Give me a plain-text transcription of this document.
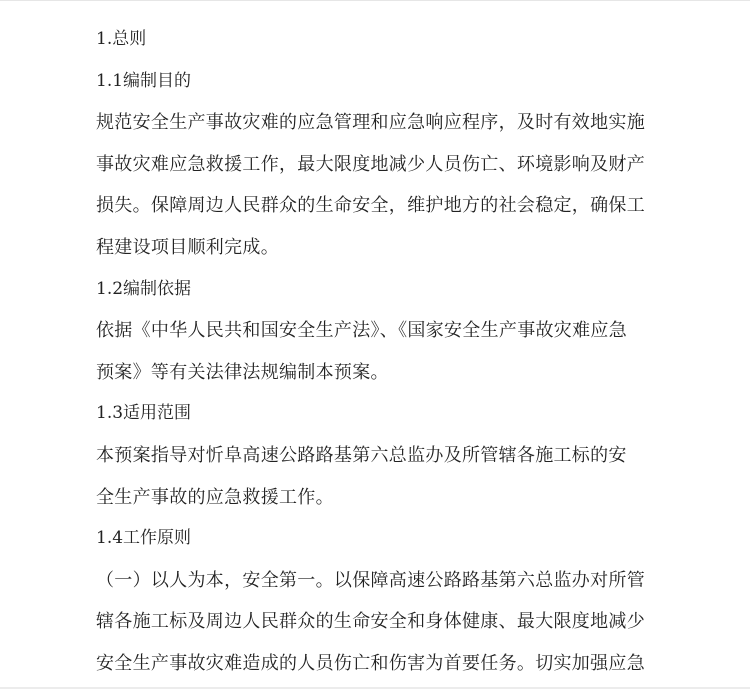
1.总则
1.1编制目的
规范安全生产事故灾难的应急管理和应急响应程序，及时有效地实施
事故灾难应急救援工作，最大限度地减少人员伤亡、环境影响及财产
损失。保障周边人民群众的生命安全，维护地方的社会稳定，确保工
程建设项目顺利完成。
1.2编制依据
依据《中华人民共和国安全生产法》、《国家安全生产事故灾难应急
预案》等有关法律法规编制本预案。
1.3适用范围
本预案指导对忻阜高速公路路基第六总监办及所管辖各施工标的安
全生产事故的应急救援工作。
1.4工作原则
（一）以人为本，安全第一。以保障高速公路路基第六总监办对所管
辖各施工标及周边人民群众的生命安全和身体健康、最大限度地减少
安全生产事故灾难造成的人员伤亡和伤害为首要任务。切实加强应急
